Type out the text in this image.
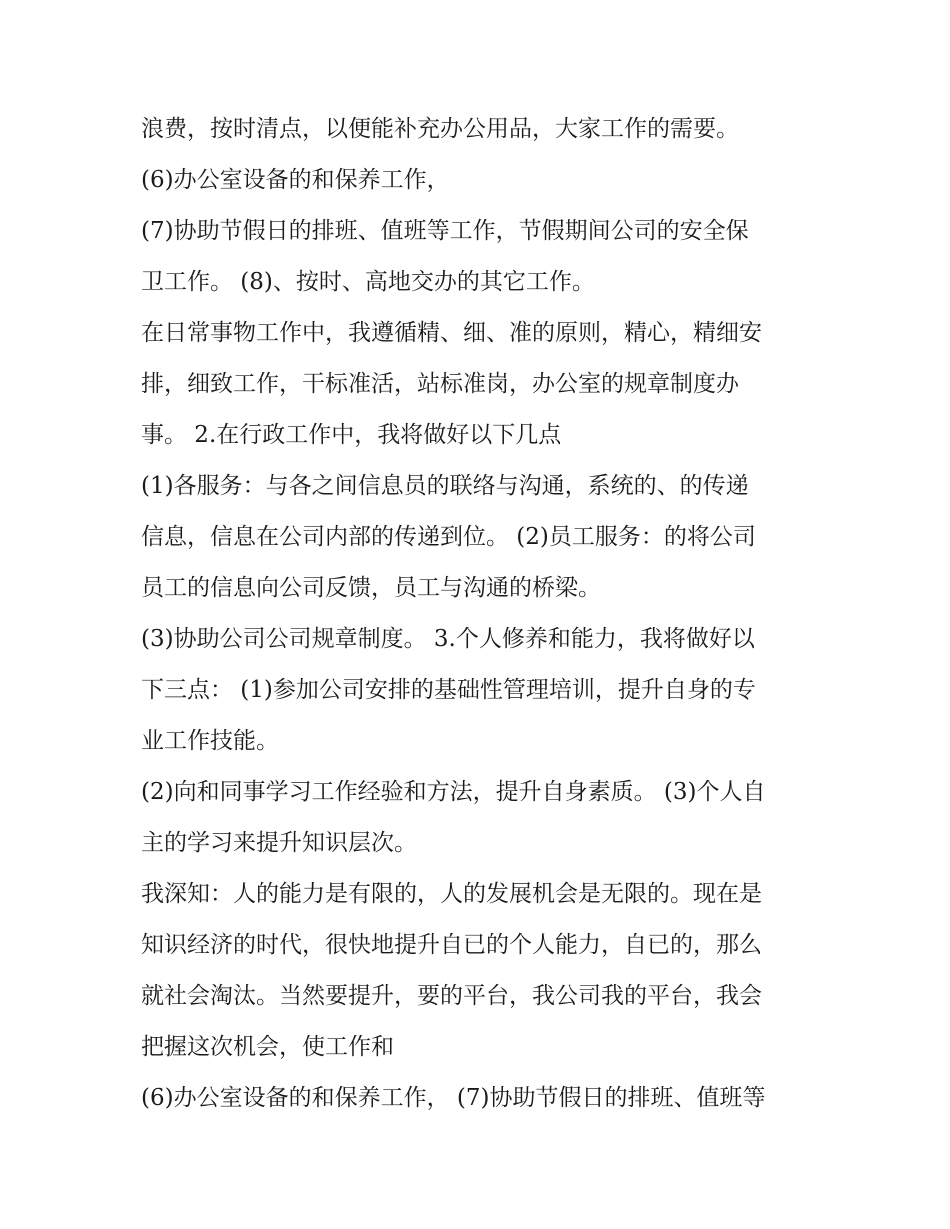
浪费，按时清点，以便能补充办公用品，大家工作的需要。
(6)办公室设备的和保养工作，
(7)协助节假日的排班、值班等工作，节假期间公司的安全保
卫工作。 (8)、按时、高地交办的其它工作。
在日常事物工作中，我遵循精、细、准的原则，精心，精细安
排，细致工作，干标准活，站标准岗，办公室的规章制度办
事。 2.在行政工作中，我将做好以下几点
(1)各服务：与各之间信息员的联络与沟通，系统的、的传递
信息，信息在公司内部的传递到位。 (2)员工服务：的将公司
员工的信息向公司反馈，员工与沟通的桥梁。
(3)协助公司公司规章制度。 3.个人修养和能力，我将做好以
下三点： (1)参加公司安排的基础性管理培训，提升自身的专
业工作技能。
(2)向和同事学习工作经验和方法，提升自身素质。 (3)个人自
主的学习来提升知识层次。
我深知：人的能力是有限的，人的发展机会是无限的。现在是
知识经济的时代，很快地提升自已的个人能力，自已的，那么
就社会淘汰。当然要提升，要的平台，我公司我的平台，我会
把握这次机会，使工作和
(6)办公室设备的和保养工作， (7)协助节假日的排班、值班等
